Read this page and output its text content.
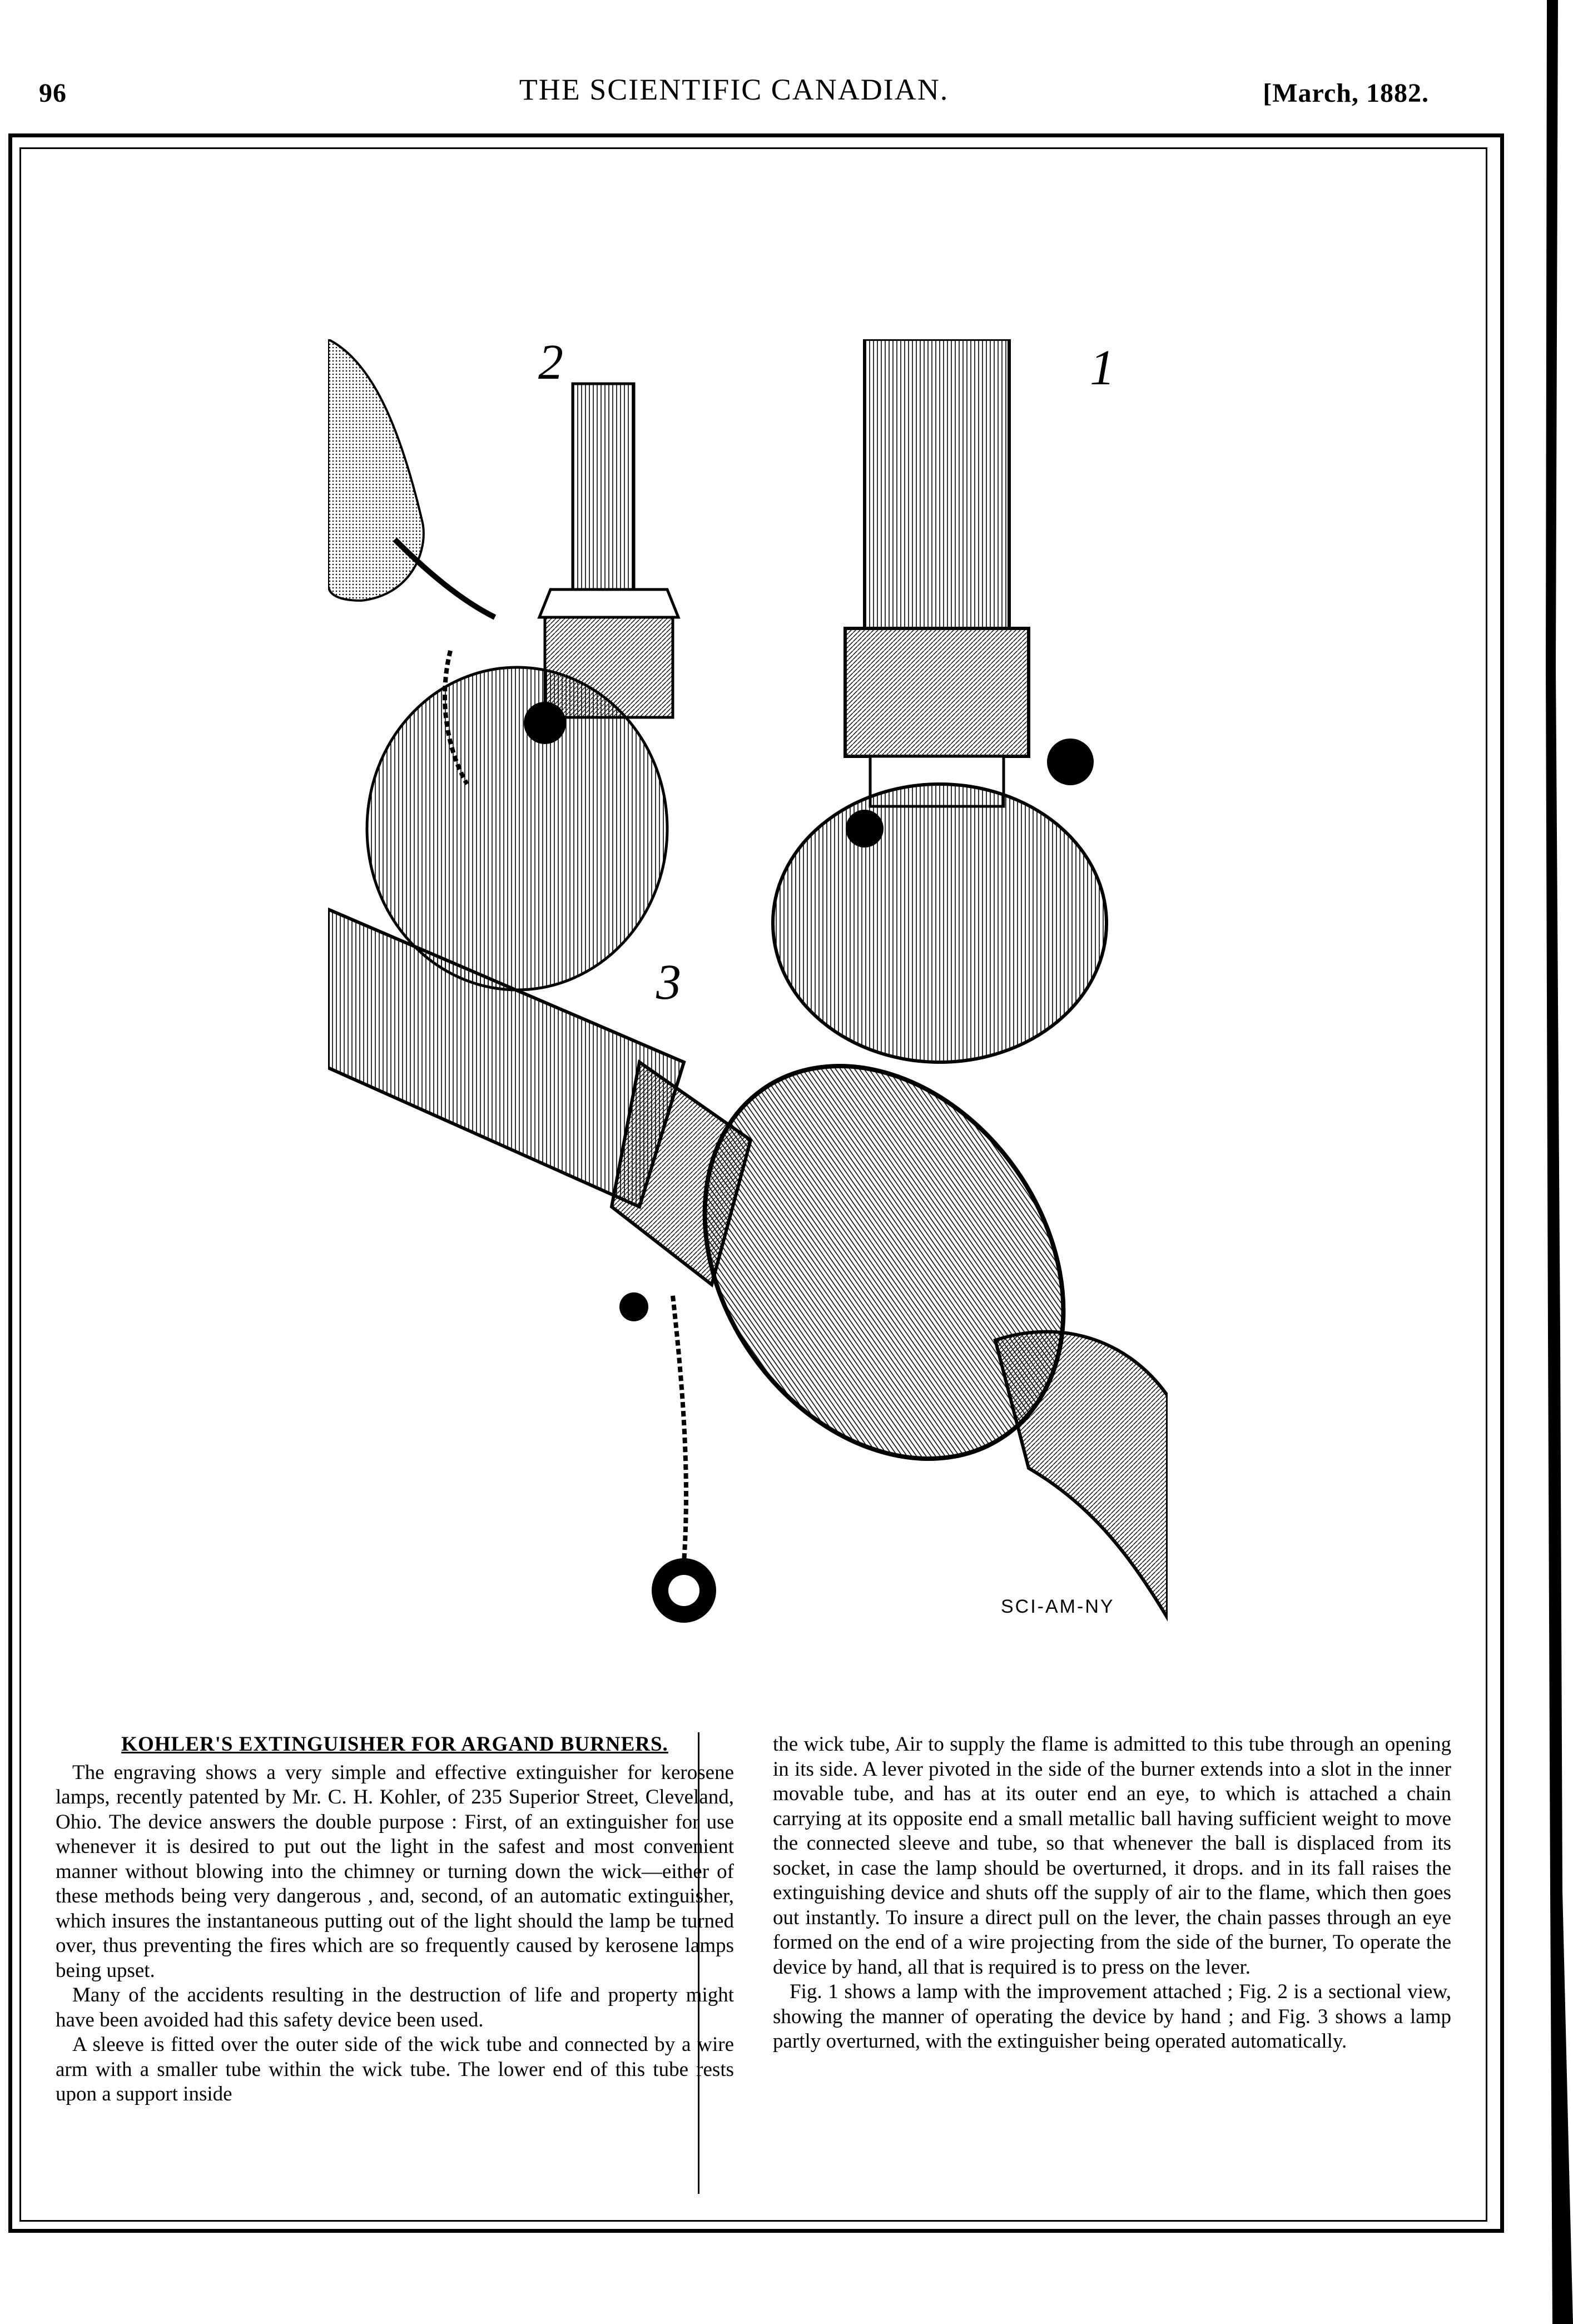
96	THE SCIENTIFIC CANADIAN.	[March, 1882.
2	1
3
SCI-AM-NY
KOHLER'S EXTINGUISHER FOR ARGAND BURNERS.

The engraving shows a very simple and effective extinguisher for kerosene lamps, recently patented by Mr. C. H. Kohler, of 235 Superior Street, Cleveland, Ohio. The device answers the double purpose : First, of an extinguisher for use whenever it is desired to put out the light in the safest and most convenient manner without blowing into the chimney or turning down the wick—either of these methods being very dangerous , and, second, of an automatic extinguisher, which insures the instantaneous putting out of the light should the lamp be turned over, thus preventing the fires which are so frequently caused by kerosene lamps being upset.

Many of the accidents resulting in the destruction of life and property might have been avoided had this safety device been used.

A sleeve is fitted over the outer side of the wick tube and connected by a wire arm with a smaller tube within the wick tube. The lower end of this tube rests upon a support inside

the wick tube, Air to supply the flame is admitted to this tube through an opening in its side. A lever pivoted in the side of the burner extends into a slot in the inner movable tube, and has at its outer end an eye, to which is attached a chain carrying at its opposite end a small metallic ball having sufficient weight to move the connected sleeve and tube, so that whenever the ball is displaced from its socket, in case the lamp should be overturned, it drops. and in its fall raises the extinguishing device and shuts off the supply of air to the flame, which then goes out instantly. To insure a direct pull on the lever, the chain passes through an eye formed on the end of a wire projecting from the side of the burner, To operate the device by hand, all that is required is to press on the lever.

Fig. 1 shows a lamp with the improvement attached ; Fig. 2 is a sectional view, showing the manner of operating the device by hand ; and Fig. 3 shows a lamp partly overturned, with the extinguisher being operated automatically.
